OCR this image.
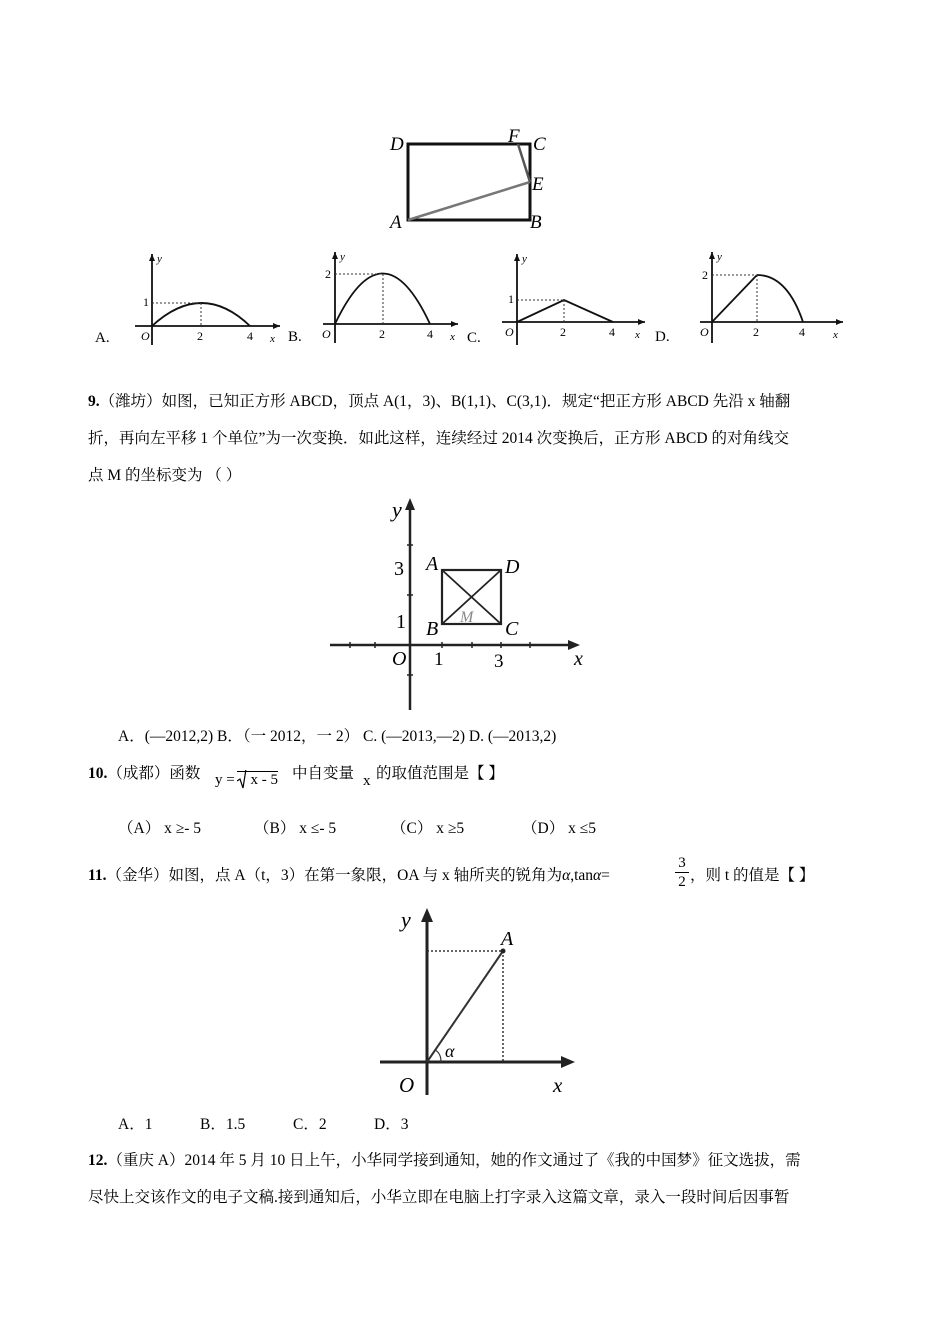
D	F C
E
A	B
A.
y
x
O
1
2	4 B.
y
x
O
2
2	4 C.
y
x
O
1
2	4	D.
y
x
O
2
2	4
9.（潍坊）如图，已知正方形 ABCD，顶点 A(1，3)、B(1,1)、C(3,1)．规定“把正方形 ABCD 先沿 x 轴翻
折，再向左平移 1 个单位”为一次变换．如此这样，连续经过 2014 次变换后，正方形 ABCD 的对角线交
点 M 的坐标变为 （ ）
y
x
O 1	3
3
1
A	D
B	C
M
A．(—2012,2) B．（一 2012，一 2） C. (—2013,—2) D. (—2013,2)
10.（成都）函数 y = x - 5 中自变量 x 的取值范围是【 】
（A） x ≥- 5	（B） x ≤- 5	（C） x ≥5	（D） x ≤5
11.（金华）如图，点 A（t，3）在第一象限，OA 与 x 轴所夹的锐角为α,tanα=
3
2 ，则 t 的值是【 】
y
A
α
O	x
A．1	B．1.5	C．2	D．3
12.（重庆 A）2014 年 5 月 10 日上午，小华同学接到通知，她的作文通过了《我的中国梦》征文选拔，需
尽快上交该作文的电子文稿.接到通知后，小华立即在电脑上打字录入这篇文章，录入一段时间后因事暂
